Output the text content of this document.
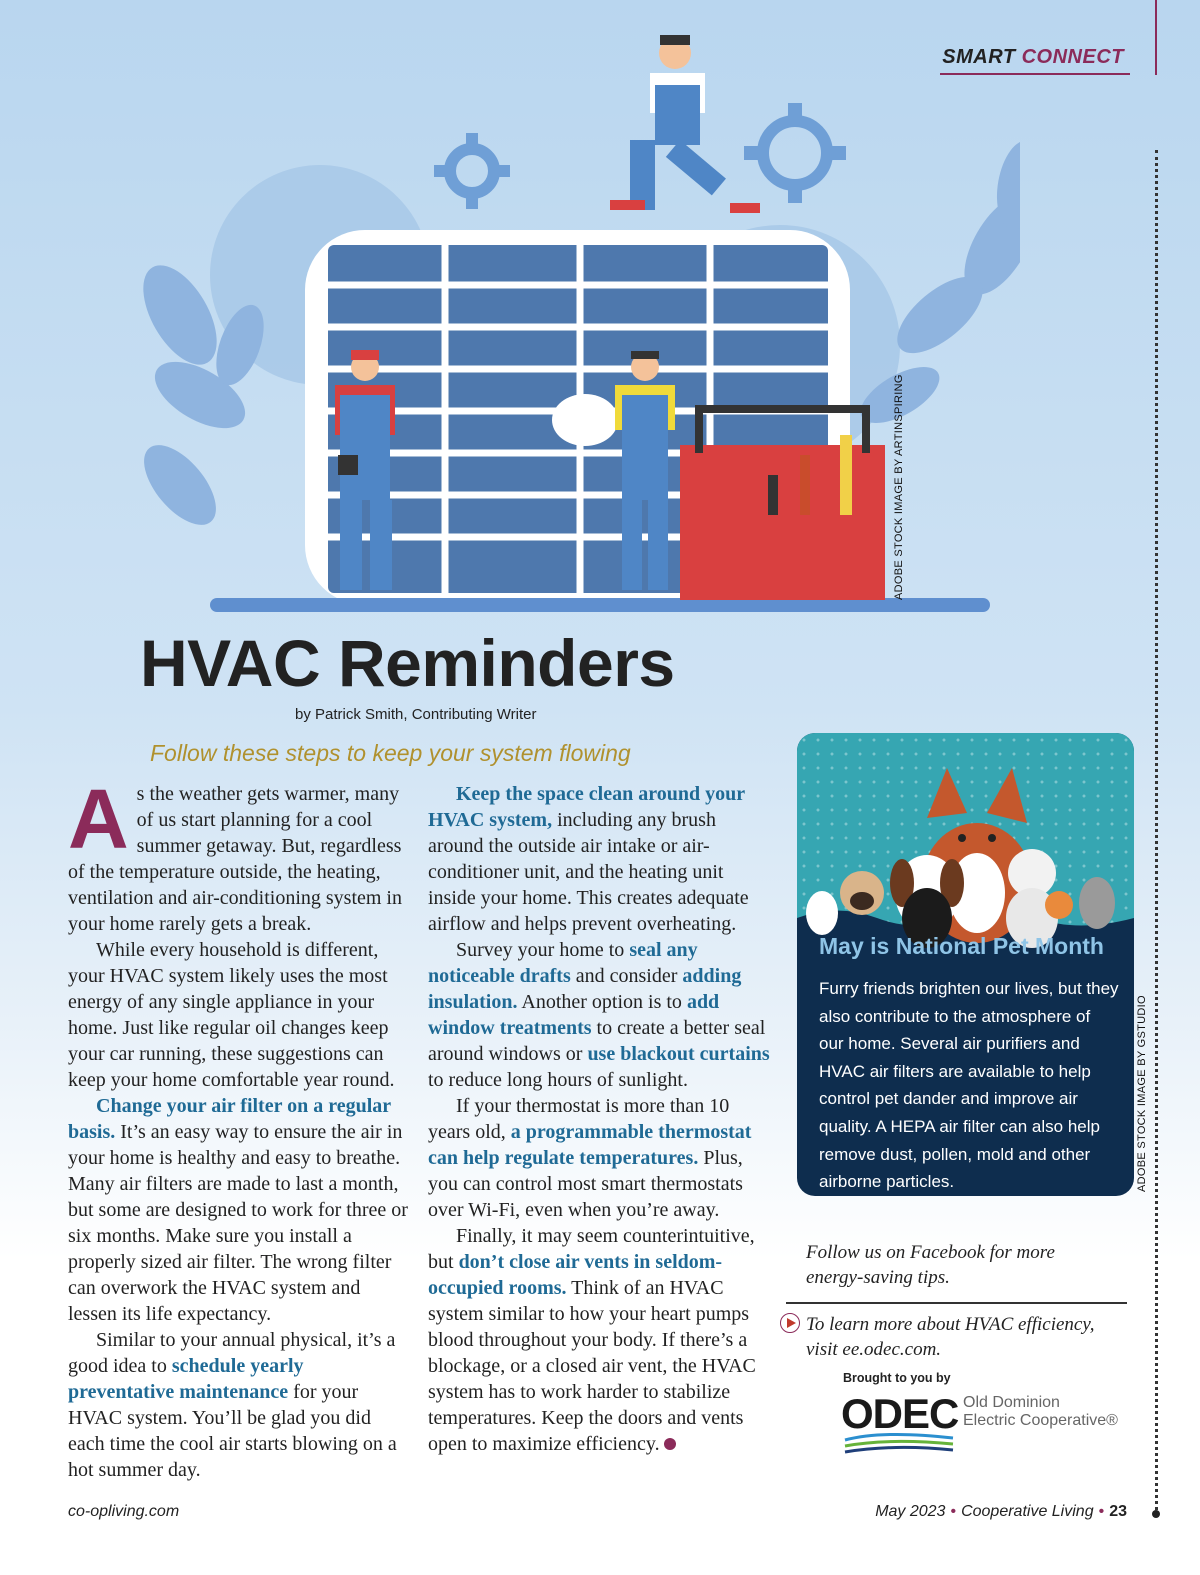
SMART CONNECT
ADOBE STOCK IMAGE BY ARTINSPIRING
HVAC Reminders
by Patrick Smith, Contributing Writer
Follow these steps to keep your system flowing

As the weather gets warmer, many of us start planning for a cool summer getaway. But, regardless of the temperature outside, the heating, ventilation and air-conditioning system in your home rarely gets a break.

While every household is different, your HVAC system likely uses the most energy of any single appliance in your home. Just like regular oil changes keep your car running, these suggestions can keep your home comfortable year round.

Change your air filter on a regular basis. It’s an easy way to ensure the air in your home is healthy and easy to breathe. Many air filters are made to last a month, but some are designed to work for three or six months. Make sure you install a properly sized air filter. The wrong filter can overwork the HVAC system and lessen its life expectancy.

Similar to your annual physical, it’s a good idea to schedule yearly preventative maintenance for your HVAC system. You’ll be glad you did each time the cool air starts blowing on a hot summer day.

Keep the space clean around your HVAC system, including any brush around the outside air intake or air-conditioner unit, and the heating unit inside your home. This creates adequate airflow and helps prevent overheating.

Survey your home to seal any noticeable drafts and consider adding insulation. Another option is to add window treatments to create a better seal around windows or use blackout curtains to reduce long hours of sunlight.

If your thermostat is more than 10 years old, a programmable thermostat can help regulate temperatures. Plus, you can control most smart thermostats over Wi-Fi, even when you’re away.

Finally, it may seem counterintuitive, but don’t close air vents in seldom-occupied rooms. Think of an HVAC system similar to how your heart pumps blood throughout your body. If there’s a blockage, or a closed air vent, the HVAC system has to work harder to stabilize temperatures. Keep the doors and vents open to maximize efficiency.

May is National Pet Month
Furry friends brighten our lives, but they also contribute to the atmosphere of our home. Several air purifiers and HVAC air filters are available to help control pet dander and improve air quality. A HEPA air filter can also help remove dust, pollen, mold and other airborne particles.	ADOBE STOCK IMAGE BY GSTUDIO
Follow us on Facebook for more energy-saving tips.
To learn more about HVAC efficiency, visit ee.odec.com.
Brought to you by
ODEC Old Dominion
Electric Cooperative®
co-opliving.com	May 2023 • Cooperative Living • 23
